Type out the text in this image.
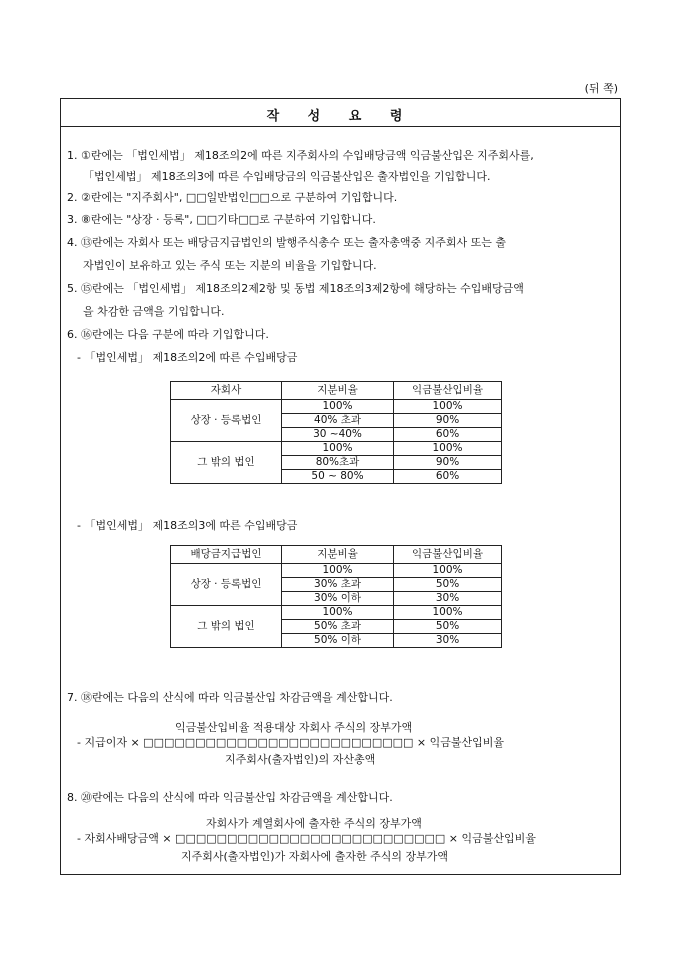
(뒤 쪽)
작 성 요 령
1. ①란에는 「법인세법」 제18조의2에 따른 지주회사의 수입배당금액 익금불산입은 지주회사를,
「법인세법」 제18조의3에 따른 수입배당금의 익금불산입은 출자법인을 기입합니다.
2. ②란에는 "지주회사", □□일반법인□□으로 구분하여 기입합니다.
3. ⑧란에는 "상장 · 등록", □□기타□□로 구분하여 기입합니다.
4. ⑬란에는 자회사 또는 배당금지급법인의 발행주식총수 또는 출자총액중 지주회사 또는 출
자법인이 보유하고 있는 주식 또는 지분의 비율을 기입합니다.
5. ⑮란에는 「법인세법」 제18조의2제2항 및 동법 제18조의3제2항에 해당하는 수입배당금액
을 차감한 금액을 기입합니다.
6. ⑯란에는 다음 구분에 따라 기입합니다.
- 「법인세법」 제18조의2에 따른 수입배당금
자회사	지분비율	익금불산입비율
상장 · 등록법인	100%	100%
	40% 초과	90%
	30 ~40%	60%
그 밖의 법인	100%	100%
	80%초과	90%
	50 ~ 80%	60%
- 「법인세법」 제18조의3에 따른 수입배당금
배당금지급법인	지분비율	익금불산입비율
상장 · 등록법인	100%	100%
	30% 초과	50%
	30% 이하	30%
그 밖의 법인	100%	100%
	50% 초과	50%
	50% 이하	30%
7. ⑱란에는 다음의 산식에 따라 익금불산입 차감금액을 계산합니다.
익금불산입비율 적용대상 자회사 주식의 장부가액
- 지급이자 × □□□□□□□□□□□□□□□□□□□□□□□□□□ × 익금불산입비율
지주회사(출자법인)의 자산총액
8. ⑳란에는 다음의 산식에 따라 익금불산입 차감금액을 계산합니다.
자회사가 계열회사에 출자한 주식의 장부가액
- 자회사배당금액 × □□□□□□□□□□□□□□□□□□□□□□□□□□ × 익금불산입비율
지주회사(출자법인)가 자회사에 출자한 주식의 장부가액
